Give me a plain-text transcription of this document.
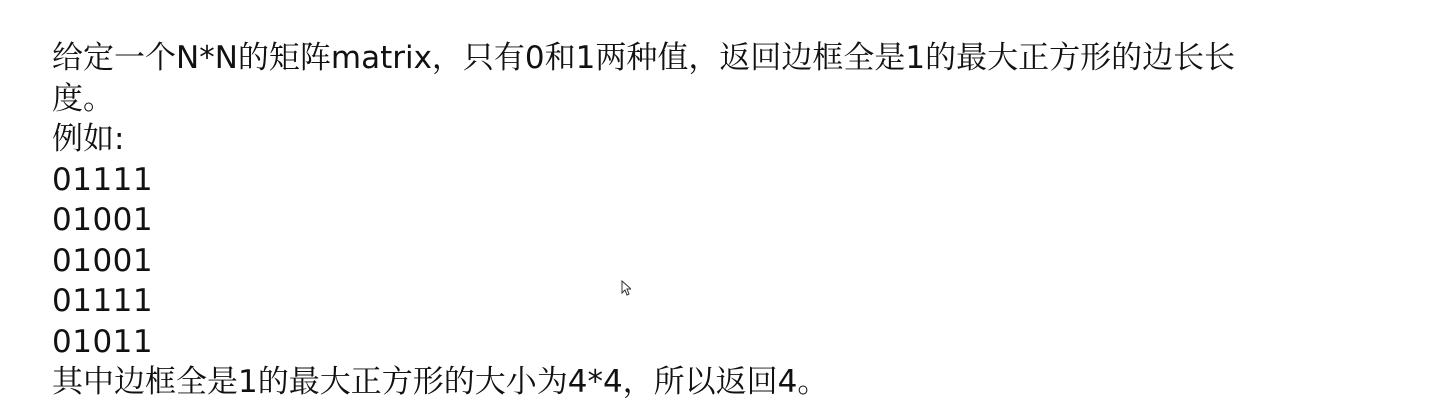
给定一个N*N的矩阵matrix，只有0和1两种值，返回边框全是1的最大正方形的边长长度。
例如:
01111
01001
01001
01111
01011
其中边框全是1的最大正方形的大小为4*4，所以返回4。
